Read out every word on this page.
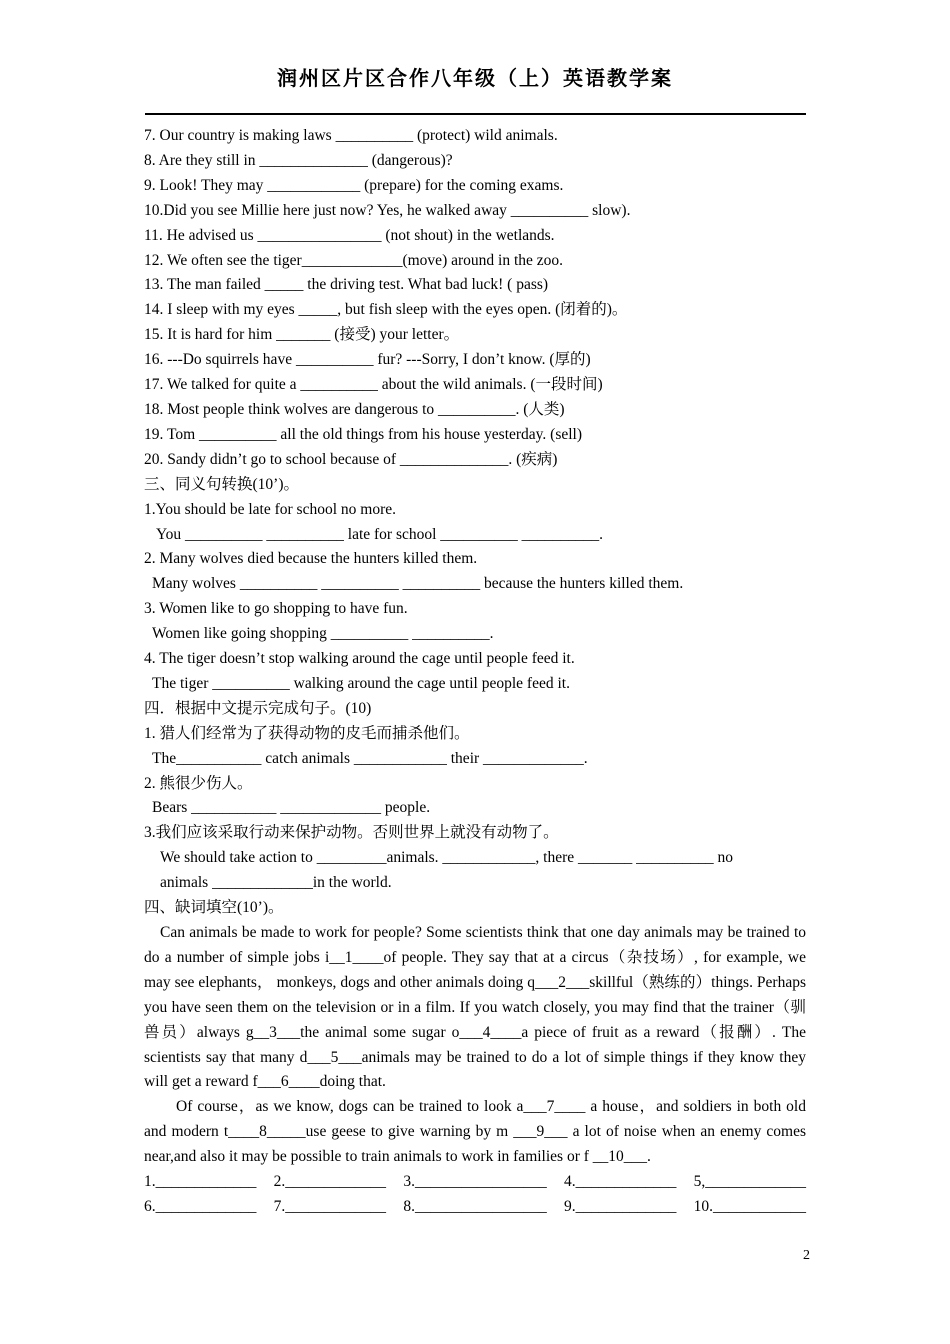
润州区片区合作八年级（上）英语教学案
7. Our country is making laws __________ (protect) wild animals.
8. Are they still in ______________ (dangerous)?
9. Look! They may ____________ (prepare) for the coming exams.
10.Did you see Millie here just now? Yes, he walked away __________ slow).
11. He advised us ________________ (not shout) in the wetlands.
12. We often see the tiger_____________(move) around in the zoo.
13. The man failed _____ the driving test. What bad luck! ( pass)
14. I sleep with my eyes _____, but fish sleep with the eyes open. (闭着的)。
15. It is hard for him _______ (接受) your letter。
16. ---Do squirrels have __________ fur? ---Sorry, I don’t know. (厚的)
17. We talked for quite a __________ about the wild animals. (一段时间)
18. Most people think wolves are dangerous to __________. (人类)
19. Tom __________ all the old things from his house yesterday. (sell)
20. Sandy didn’t go to school because of ______________. (疾病)
三、同义句转换(10’)。
1.You should be late for school no more.
You __________ __________ late for school __________ __________.
2. Many wolves died because the hunters killed them.
Many wolves __________ __________ __________ because the hunters killed them.
3. Women like to go shopping to have fun.
Women like going shopping __________ __________.
4. The tiger doesn’t stop walking around the cage until people feed it.
The tiger __________ walking around the cage until people feed it.
四．根据中文提示完成句子。(10)
1. 猎人们经常为了获得动物的皮毛而捕杀他们。
The___________ catch animals ____________ their _____________.
2. 熊很少伤人。
Bears ___________ _____________ people.
3.我们应该采取行动来保护动物。否则世界上就没有动物了。
We should take action to _________animals. ____________, there _______ __________ no
animals _____________in the world.
四、缺词填空(10’)。
Can animals be made to work for people? Some scientists think that one day animals may be trained to do a number of simple jobs i__1____of people. They say that at a circus（杂技场）, for example, we may see elephants， monkeys, dogs and other animals doing q___2___skillful（熟练的）things. Perhaps you have seen them on the television or in a film. If you watch closely, you may find that the trainer（驯兽员）always g__3___the animal some sugar o___4____a piece of fruit as a reward（报酬）. The scientists say that many d___5___animals may be trained to do a lot of simple things if they know they will get a reward f___6____doing that.
Of course，as we know, dogs can be trained to look a___7____ a house，and soldiers in both old and modern t____8_____use geese to give warning by m ___9___ a lot of noise when an enemy comes near,and also it may be possible to train animals to work in families or f __10___.
1._____________ 2._____________ 3._________________ 4._____________ 5,_____________
6._____________ 7._____________ 8._________________ 9._____________ 10.____________
2
